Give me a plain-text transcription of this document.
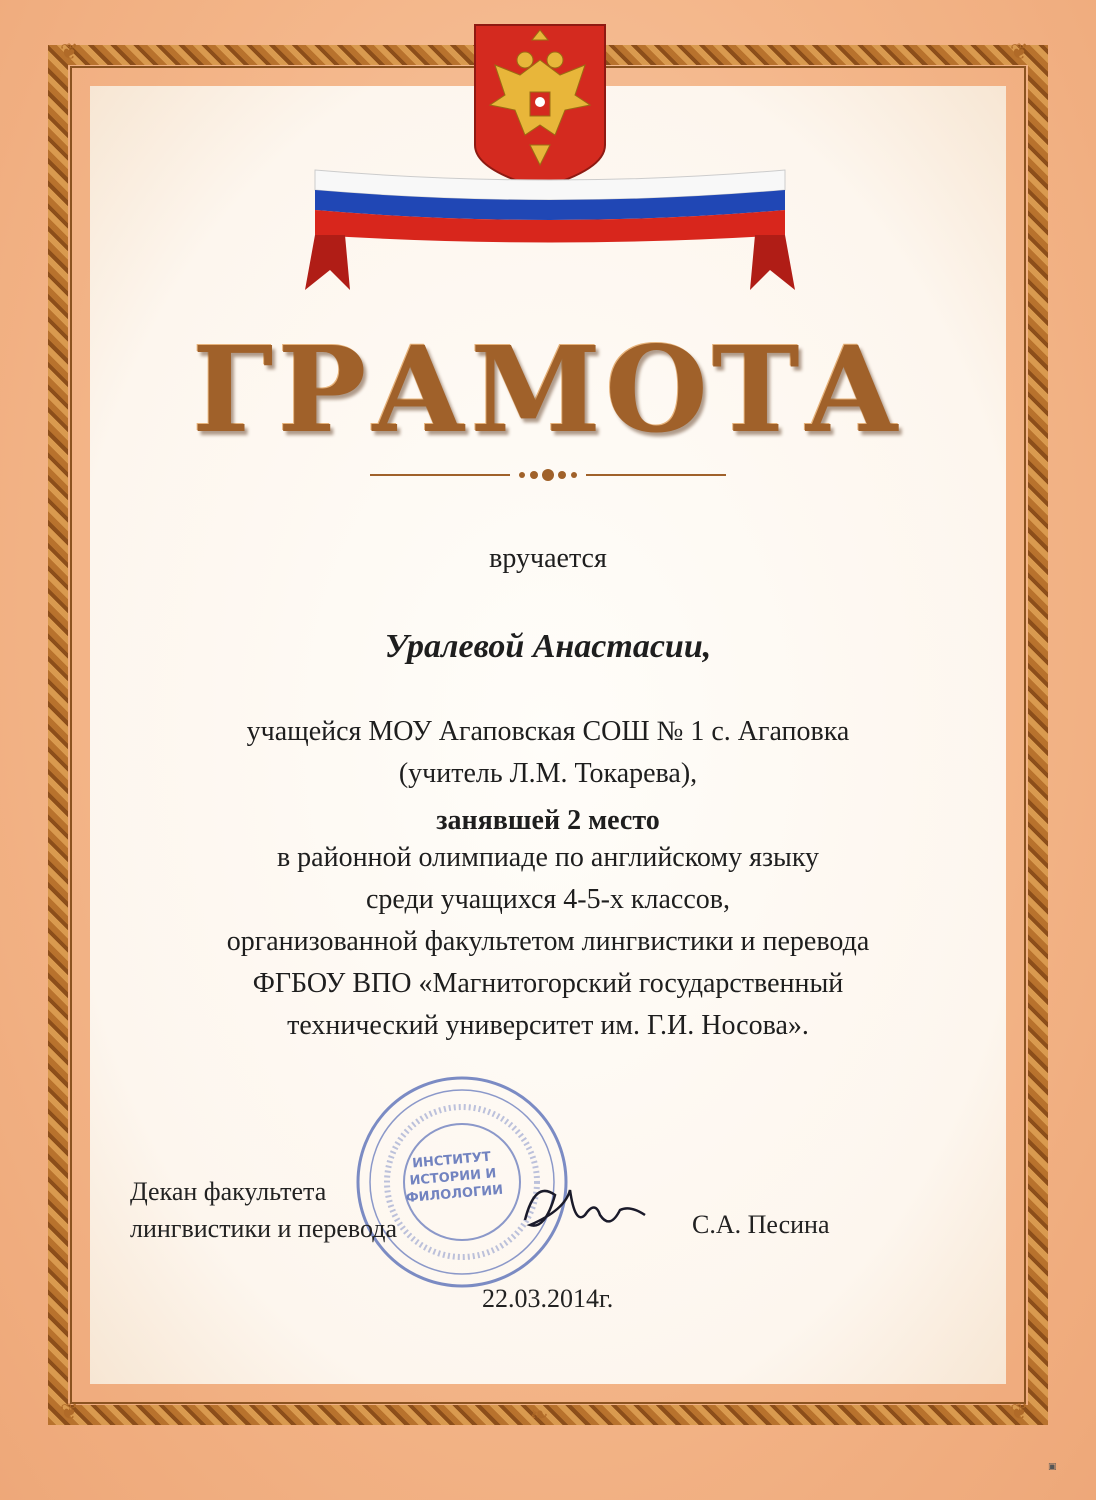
❦	❦
❦	❦
❧
ГРАМОТА
вручается
Уралевой Анастасии,
учащейся МОУ Агаповская СОШ № 1 с. Агаповка
(учитель Л.М. Токарева),
занявшей 2 место
в районной олимпиаде по английскому языку
среди учащихся 4-5-х классов,
организованной факультетом лингвистики и перевода
ФГБОУ ВПО «Магнитогорский государственный
технический университет им. Г.И. Носова».
ИНСТИТУТ
ИСТОРИИ И
ФИЛОЛОГИИ
Декан факультета
лингвистики и перевода	С.А. Песина
22.03.2014г.
▣
